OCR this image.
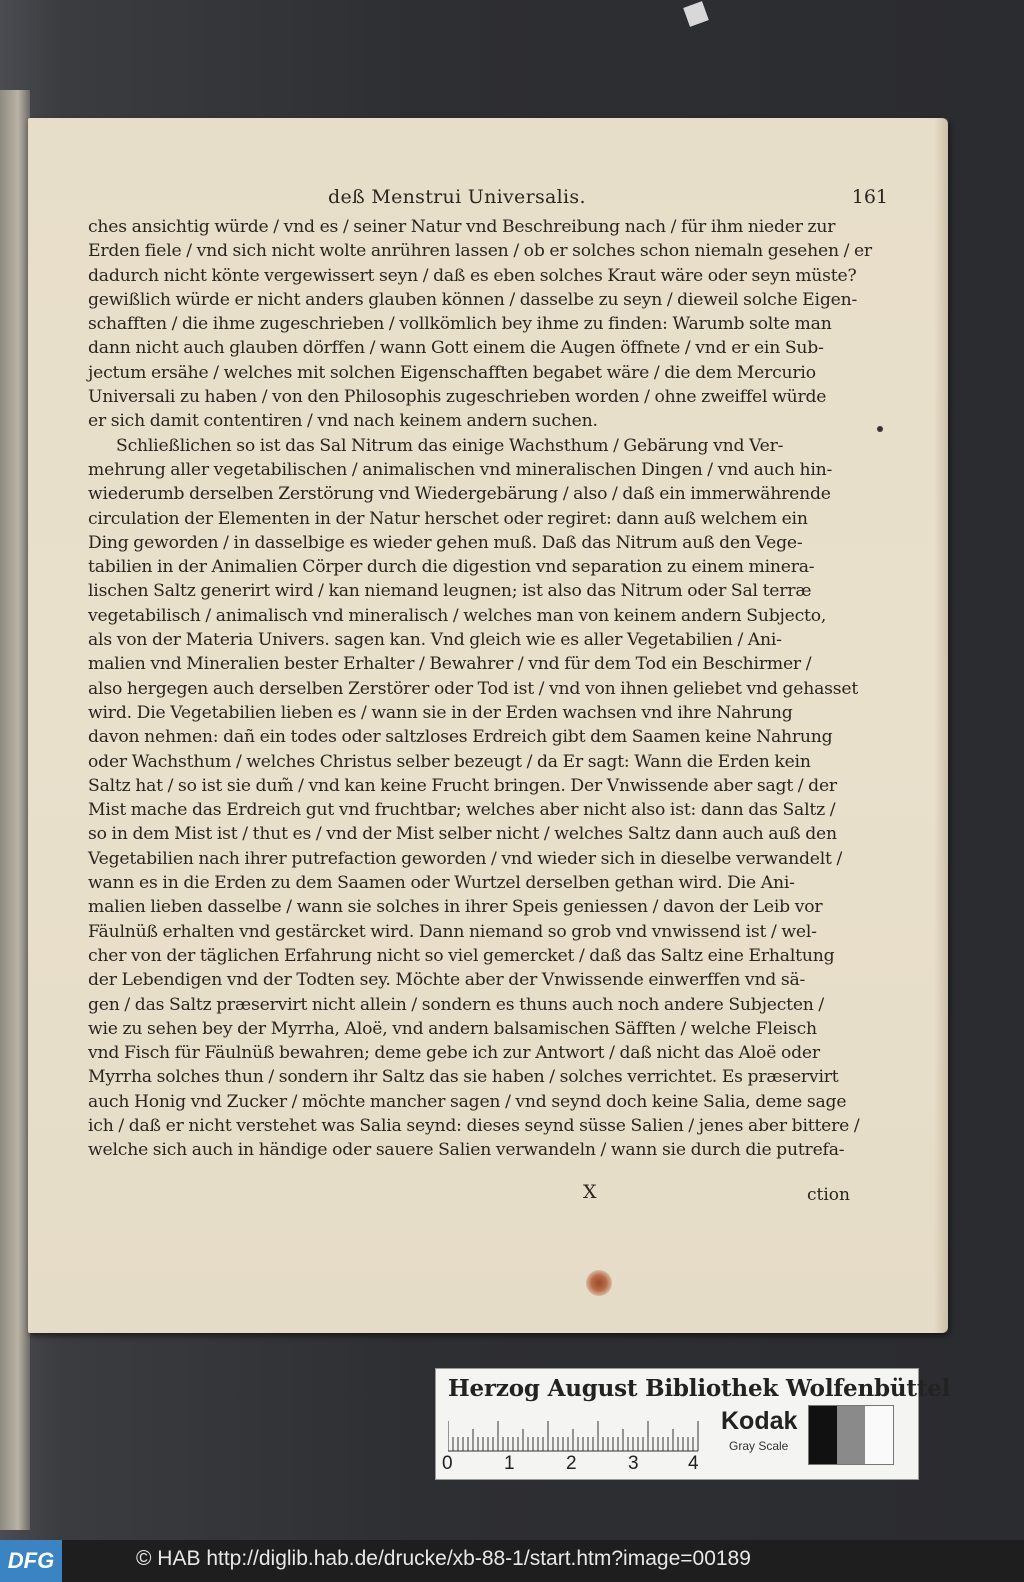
deß Menstrui Universalis.	161
ches ansichtig würde / vnd es / seiner Natur vnd Beschreibung nach / für ihm nieder zur
Erden fiele / vnd sich nicht wolte anrühren lassen / ob er solches schon niemaln gesehen / er
dadurch nicht könte vergewissert seyn / daß es eben solches Kraut wäre oder seyn müste?
gewißlich würde er nicht anders glauben können / dasselbe zu seyn / dieweil solche Eigen-
schafften / die ihme zugeschrieben / vollkömlich bey ihme zu finden: Warumb solte man
dann nicht auch glauben dörffen / wann Gott einem die Augen öffnete / vnd er ein Sub-
jectum ersähe / welches mit solchen Eigenschafften begabet wäre / die dem Mercurio
Universali zu haben / von den Philosophis zugeschrieben worden / ohne zweiffel würde
er sich damit contentiren / vnd nach keinem andern suchen.
Schließlichen so ist das Sal Nitrum das einige Wachsthum / Gebärung vnd Ver-
mehrung aller vegetabilischen / animalischen vnd mineralischen Dingen / vnd auch hin-
wiederumb derselben Zerstörung vnd Wiedergebärung / also / daß ein immerwährende
circulation der Elementen in der Natur herschet oder regiret: dann auß welchem ein
Ding geworden / in dasselbige es wieder gehen muß. Daß das Nitrum auß den Vege-
tabilien in der Animalien Cörper durch die digestion vnd separation zu einem minera-
lischen Saltz generirt wird / kan niemand leugnen; ist also das Nitrum oder Sal terræ
vegetabilisch / animalisch vnd mineralisch / welches man von keinem andern Subjecto,
als von der Materia Univers. sagen kan. Vnd gleich wie es aller Vegetabilien / Ani-
malien vnd Mineralien bester Erhalter / Bewahrer / vnd für dem Tod ein Beschirmer /
also hergegen auch derselben Zerstörer oder Tod ist / vnd von ihnen geliebet vnd gehasset
wird. Die Vegetabilien lieben es / wann sie in der Erden wachsen vnd ihre Nahrung
davon nehmen: dañ ein todes oder saltzloses Erdreich gibt dem Saamen keine Nahrung
oder Wachsthum / welches Christus selber bezeugt / da Er sagt: Wann die Erden kein
Saltz hat / so ist sie dum̃ / vnd kan keine Frucht bringen. Der Vnwissende aber sagt / der
Mist mache das Erdreich gut vnd fruchtbar; welches aber nicht also ist: dann das Saltz /
so in dem Mist ist / thut es / vnd der Mist selber nicht / welches Saltz dann auch auß den
Vegetabilien nach ihrer putrefaction geworden / vnd wieder sich in dieselbe verwandelt /
wann es in die Erden zu dem Saamen oder Wurtzel derselben gethan wird. Die Ani-
malien lieben dasselbe / wann sie solches in ihrer Speis geniessen / davon der Leib vor
Fäulnüß erhalten vnd gestärcket wird. Dann niemand so grob vnd vnwissend ist / wel-
cher von der täglichen Erfahrung nicht so viel gemercket / daß das Saltz eine Erhaltung
der Lebendigen vnd der Todten sey. Möchte aber der Vnwissende einwerffen vnd sä-
gen / das Saltz præservirt nicht allein / sondern es thuns auch noch andere Subjecten /
wie zu sehen bey der Myrrha, Aloë, vnd andern balsamischen Säfften / welche Fleisch
vnd Fisch für Fäulnüß bewahren; deme gebe ich zur Antwort / daß nicht das Aloë oder
Myrrha solches thun / sondern ihr Saltz das sie haben / solches verrichtet. Es præservirt
auch Honig vnd Zucker / möchte mancher sagen / vnd seynd doch keine Salia, deme sage
ich / daß er nicht verstehet was Salia seynd: dieses seynd süsse Salien / jenes aber bittere /
welche sich auch in händige oder sauere Salien verwandeln / wann sie durch die putrefa-
X	ction
Herzog August Bibliothek Wolfenbüttel
0	1	2	3	4
Kodak
Gray Scale
DFG	© HAB http://diglib.hab.de/drucke/xb-88-1/start.htm?image=00189
